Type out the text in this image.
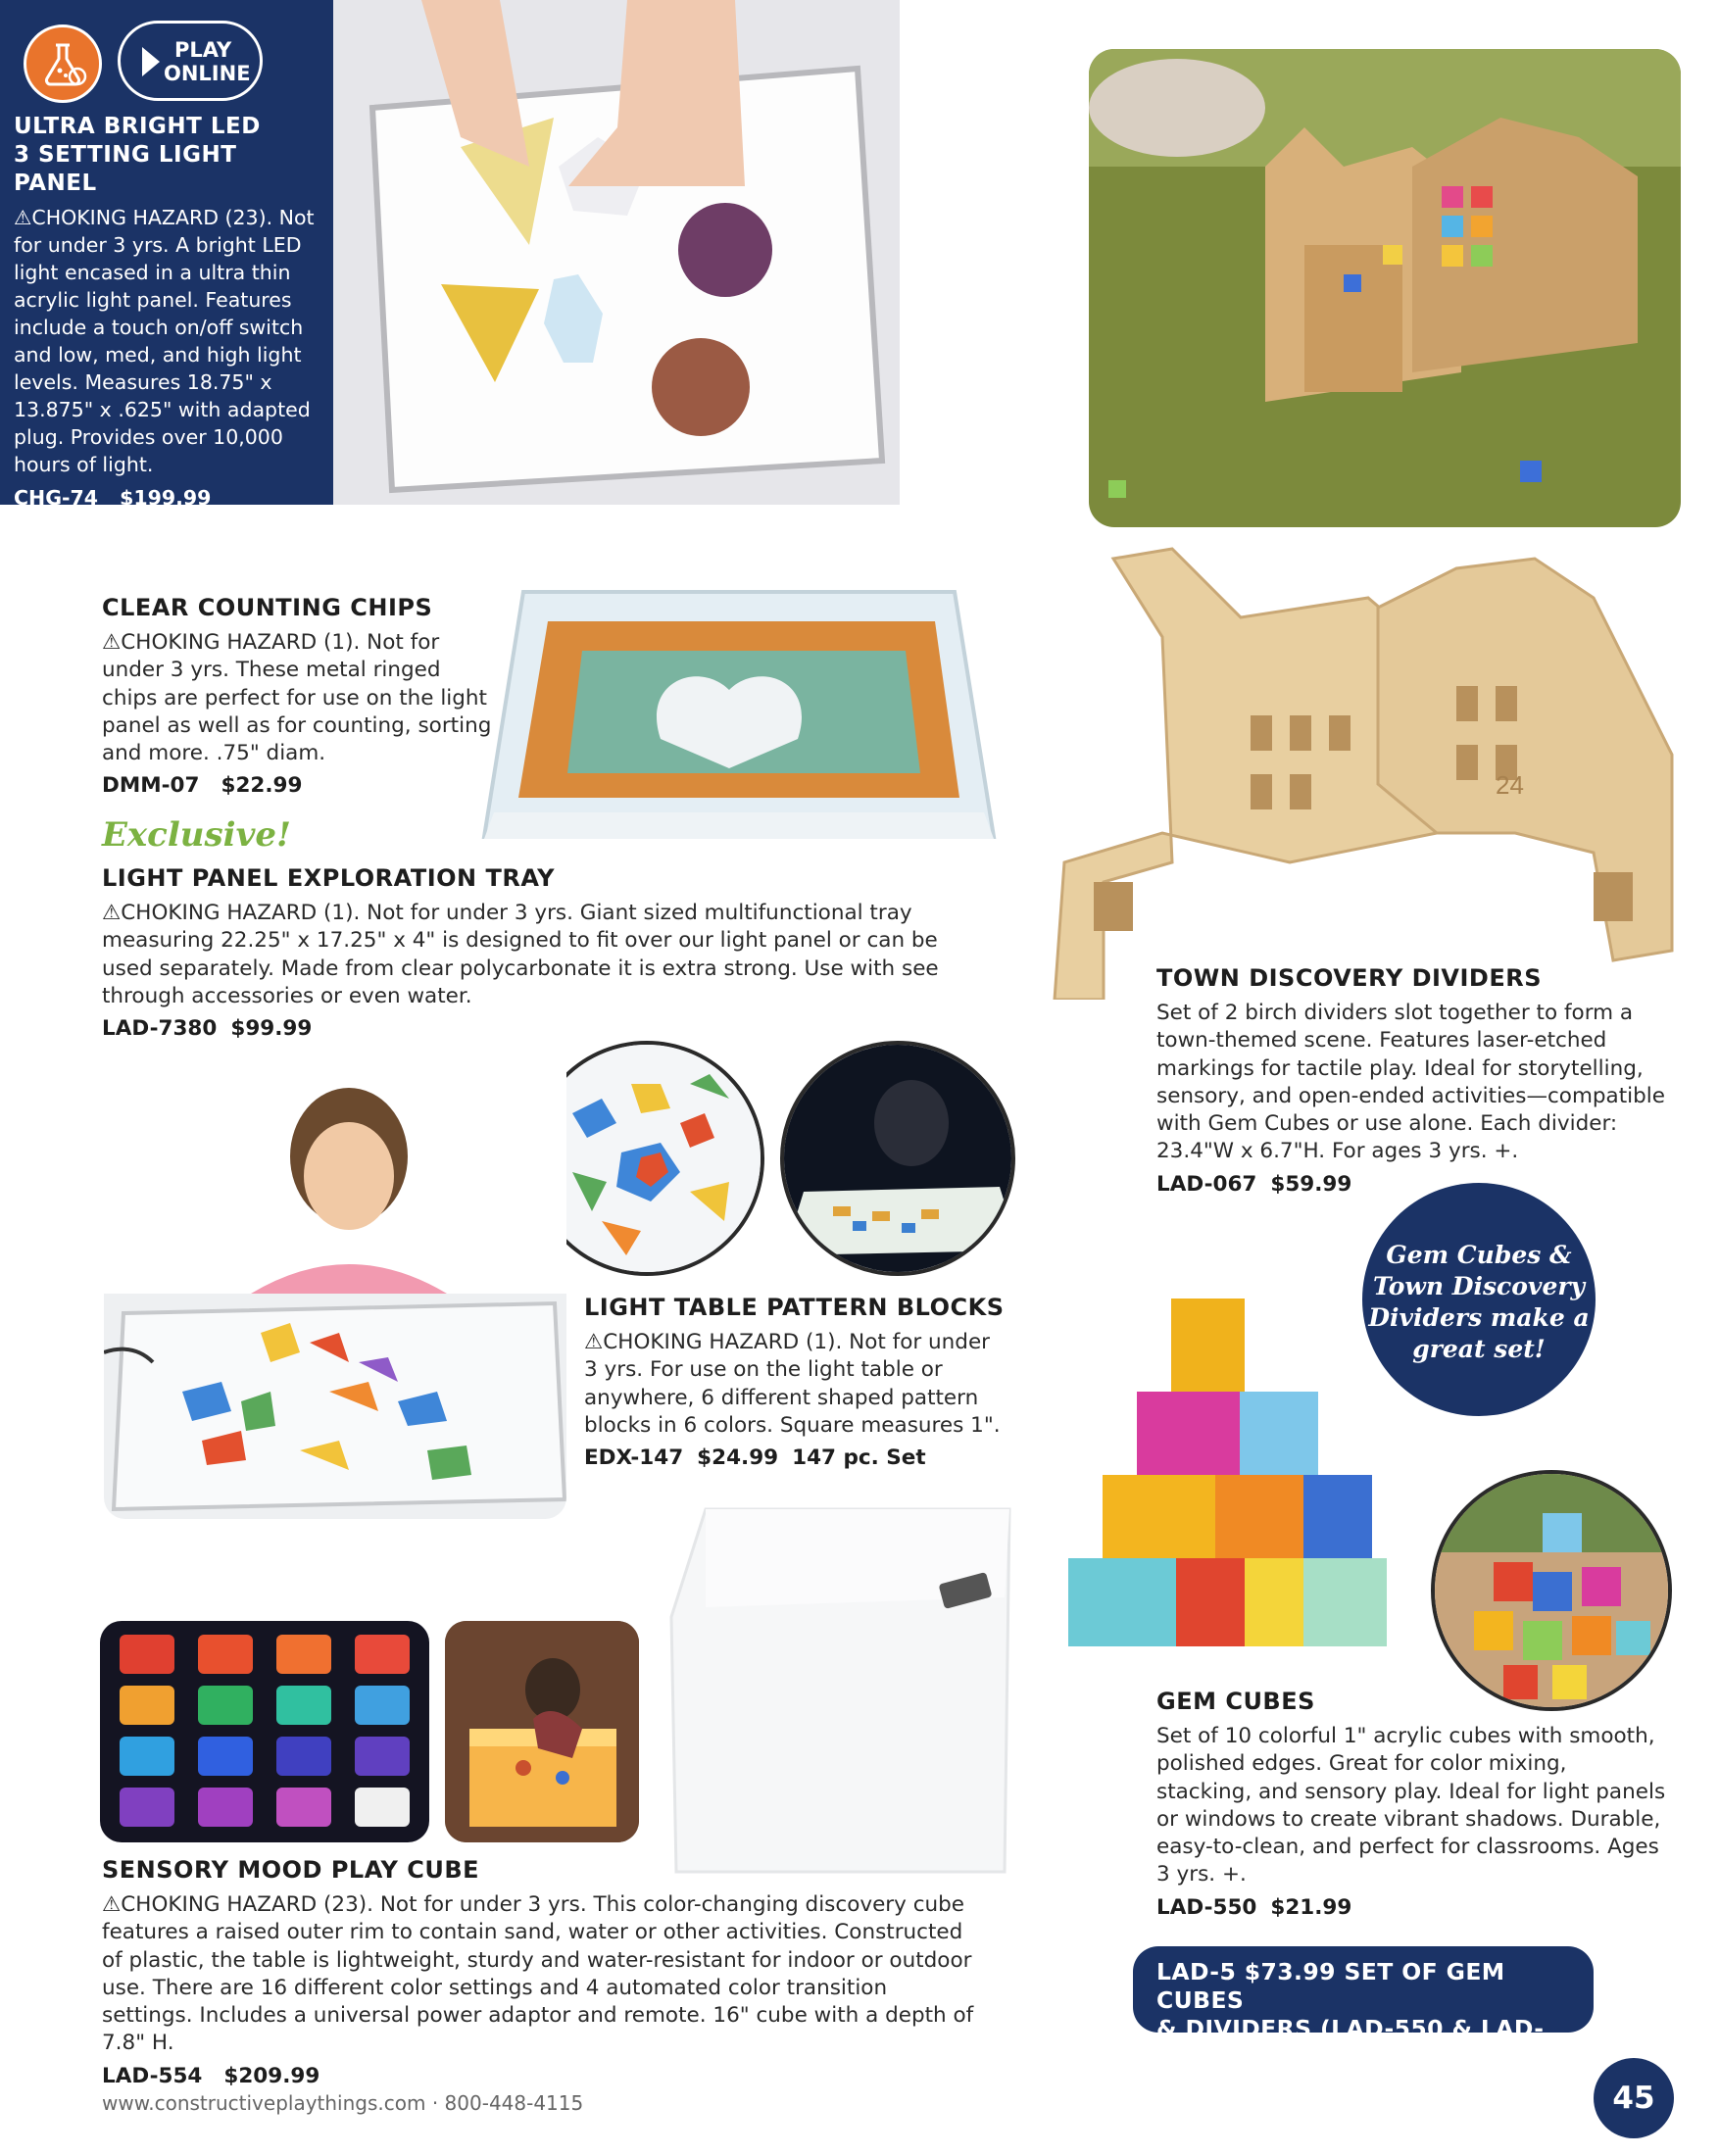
PLAY
ONLINE
ULTRA BRIGHT LED
3 SETTING LIGHT PANEL

⚠CHOKING HAZARD (23). Not for under 3 yrs. A bright LED light encased in a ultra thin acrylic light panel. Features include a touch on/off switch and low, med, and high light levels. Measures 18.75" x 13.875" x .625" with adapted plug. Provides over 10,000 hours of light.

CHG-74 $199.99
CLEAR COUNTING CHIPS

⚠CHOKING HAZARD (1). Not for under 3 yrs. These metal ringed chips are perfect for use on the light panel as well as for counting, sorting and more. .75" diam.

DMM-07 $22.99
Exclusive!
LIGHT PANEL EXPLORATION TRAY

⚠CHOKING HAZARD (1). Not for under 3 yrs. Giant sized multifunctional tray measuring 22.25" x 17.25" x 4" is designed to fit over our light panel or can be used separately. Made from clear polycarbonate it is extra strong. Use with see through accessories or even water.

LAD-7380 $99.99
24
TOWN DISCOVERY DIVIDERS

Set of 2 birch dividers slot together to form a town-themed scene. Features laser-etched markings for tactile play. Ideal for storytelling, sensory, and open-ended activities—compatible with Gem Cubes or use alone. Each divider: 23.4"W x 6.7"H. For ages 3 yrs. +.

LAD-067 $59.99
LIGHT TABLE PATTERN BLOCKS

⚠CHOKING HAZARD (1). Not for under 3 yrs. For use on the light table or anywhere, 6 different shaped pattern blocks in 6 colors. Square measures 1".

EDX-147 $24.99 147 pc. Set
Gem Cubes &
Town Discovery
Dividers make a
great set!
GEM CUBES

Set of 10 colorful 1" acrylic cubes with smooth, polished edges. Great for color mixing, stacking, and sensory play. Ideal for light panels or windows to create vibrant shadows. Durable, easy-to-clean, and perfect for classrooms. Ages 3 yrs. +.

LAD-550 $21.99
LAD-5 $73.99 SET OF GEM CUBES
& DIVIDERS (LAD-550 & LAD-067)
SENSORY MOOD PLAY CUBE

⚠CHOKING HAZARD (23). Not for under 3 yrs. This color-changing discovery cube features a raised outer rim to contain sand, water or other activities. Constructed of plastic, the table is lightweight, sturdy and water-resistant for indoor or outdoor use. There are 16 different color settings and 4 automated color transition settings. Includes a universal power adaptor and remote. 16" cube with a depth of 7.8" H.

LAD-554 $209.99
www.constructiveplaythings.com · 800-448-4115	45
